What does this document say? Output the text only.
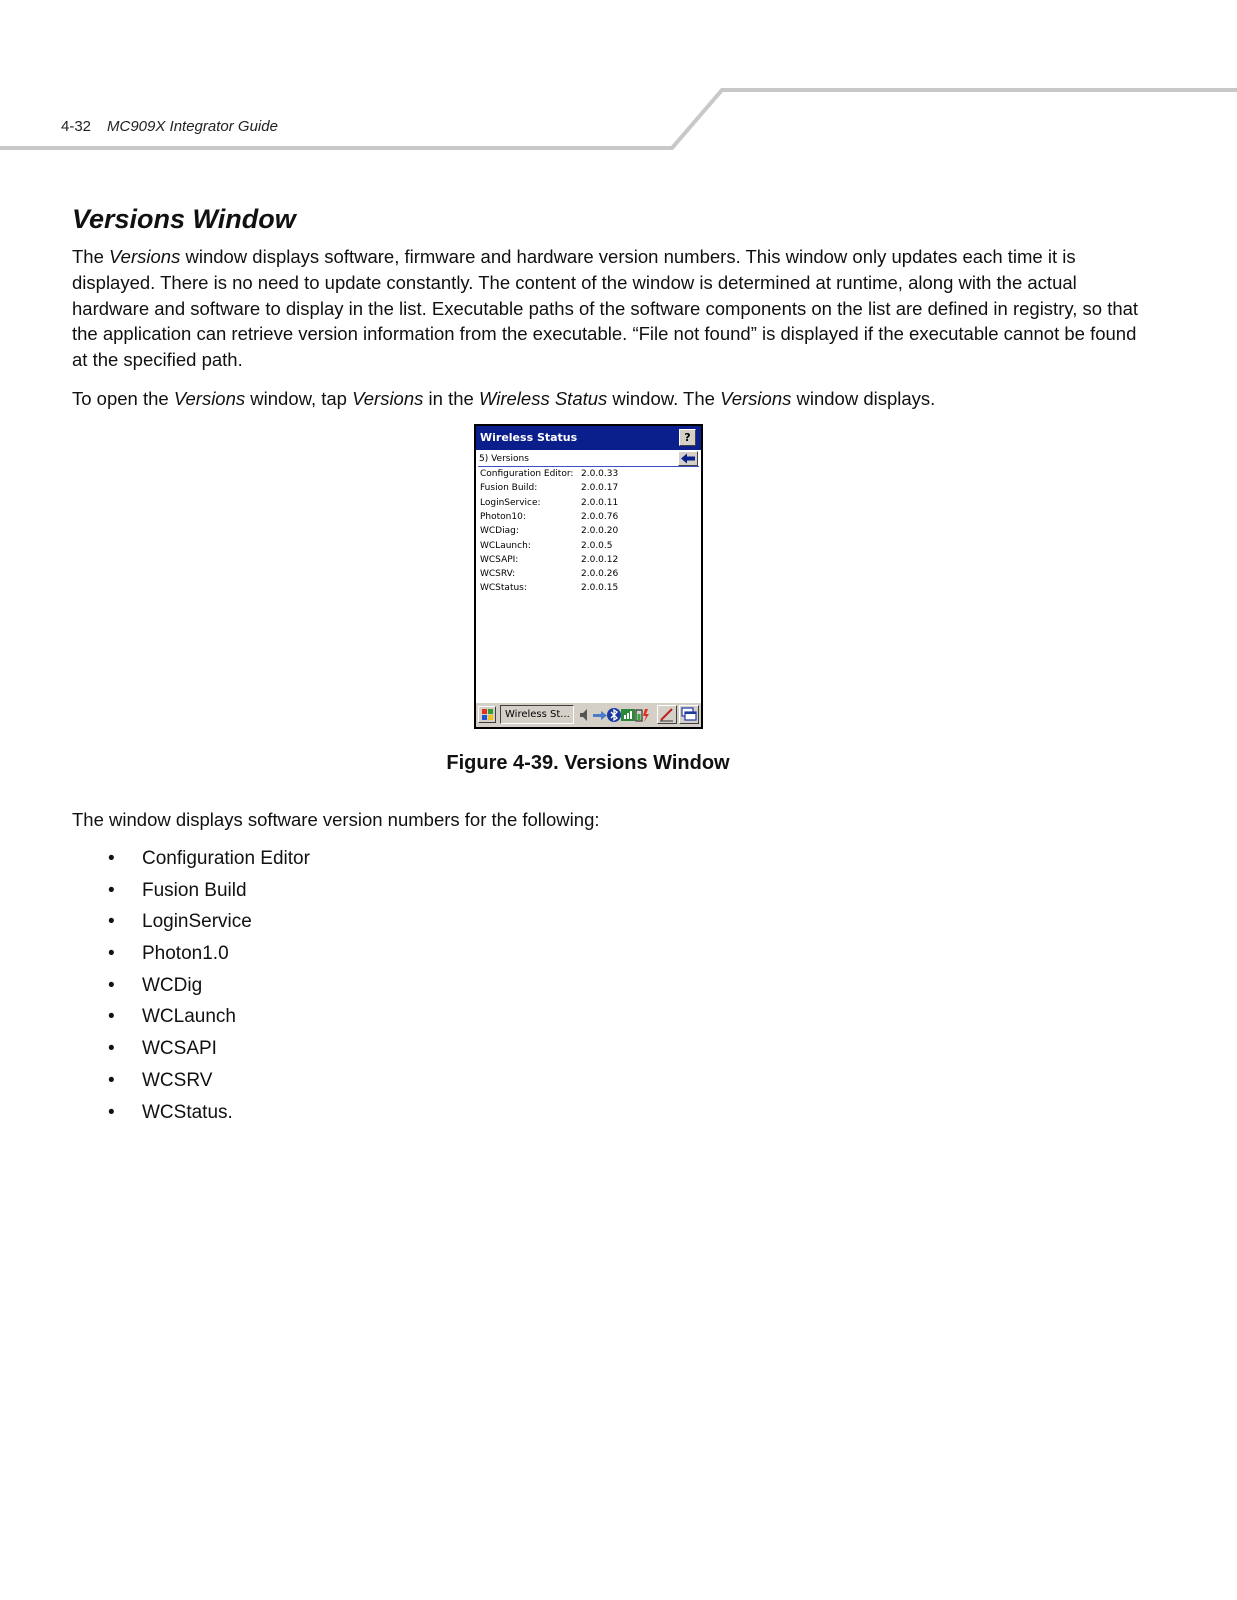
4-32 MC909X Integrator Guide
Versions Window

The Versions window displays software, firmware and hardware version numbers. This window only updates each time it is displayed. There is no need to update constantly. The content of the window is determined at runtime, along with the actual hardware and software to display in the list. Executable paths of the software components on the list are defined in registry, so that the application can retrieve version information from the executable. “File not found” is displayed if the executable cannot be found at the specified path.

To open the Versions window, tap Versions in the Wireless Status window. The Versions window displays.

Wireless Status	?
5) Versions
Configuration Editor: 2.0.0.33
Fusion Build:	2.0.0.17
LoginService:	2.0.0.11
Photon10:	2.0.0.76
WCDiag:	2.0.0.20
WCLaunch:	2.0.0.5
WCSAPI:	2.0.0.12
WCSRV:	2.0.0.26
WCStatus:	2.0.0.15
Wireless St...
Figure 4-39. Versions Window

The window displays software version numbers for the following:

• Configuration Editor
• Fusion Build
• LoginService
• Photon1.0
• WCDig
• WCLaunch
• WCSAPI
• WCSRV
• WCStatus.
